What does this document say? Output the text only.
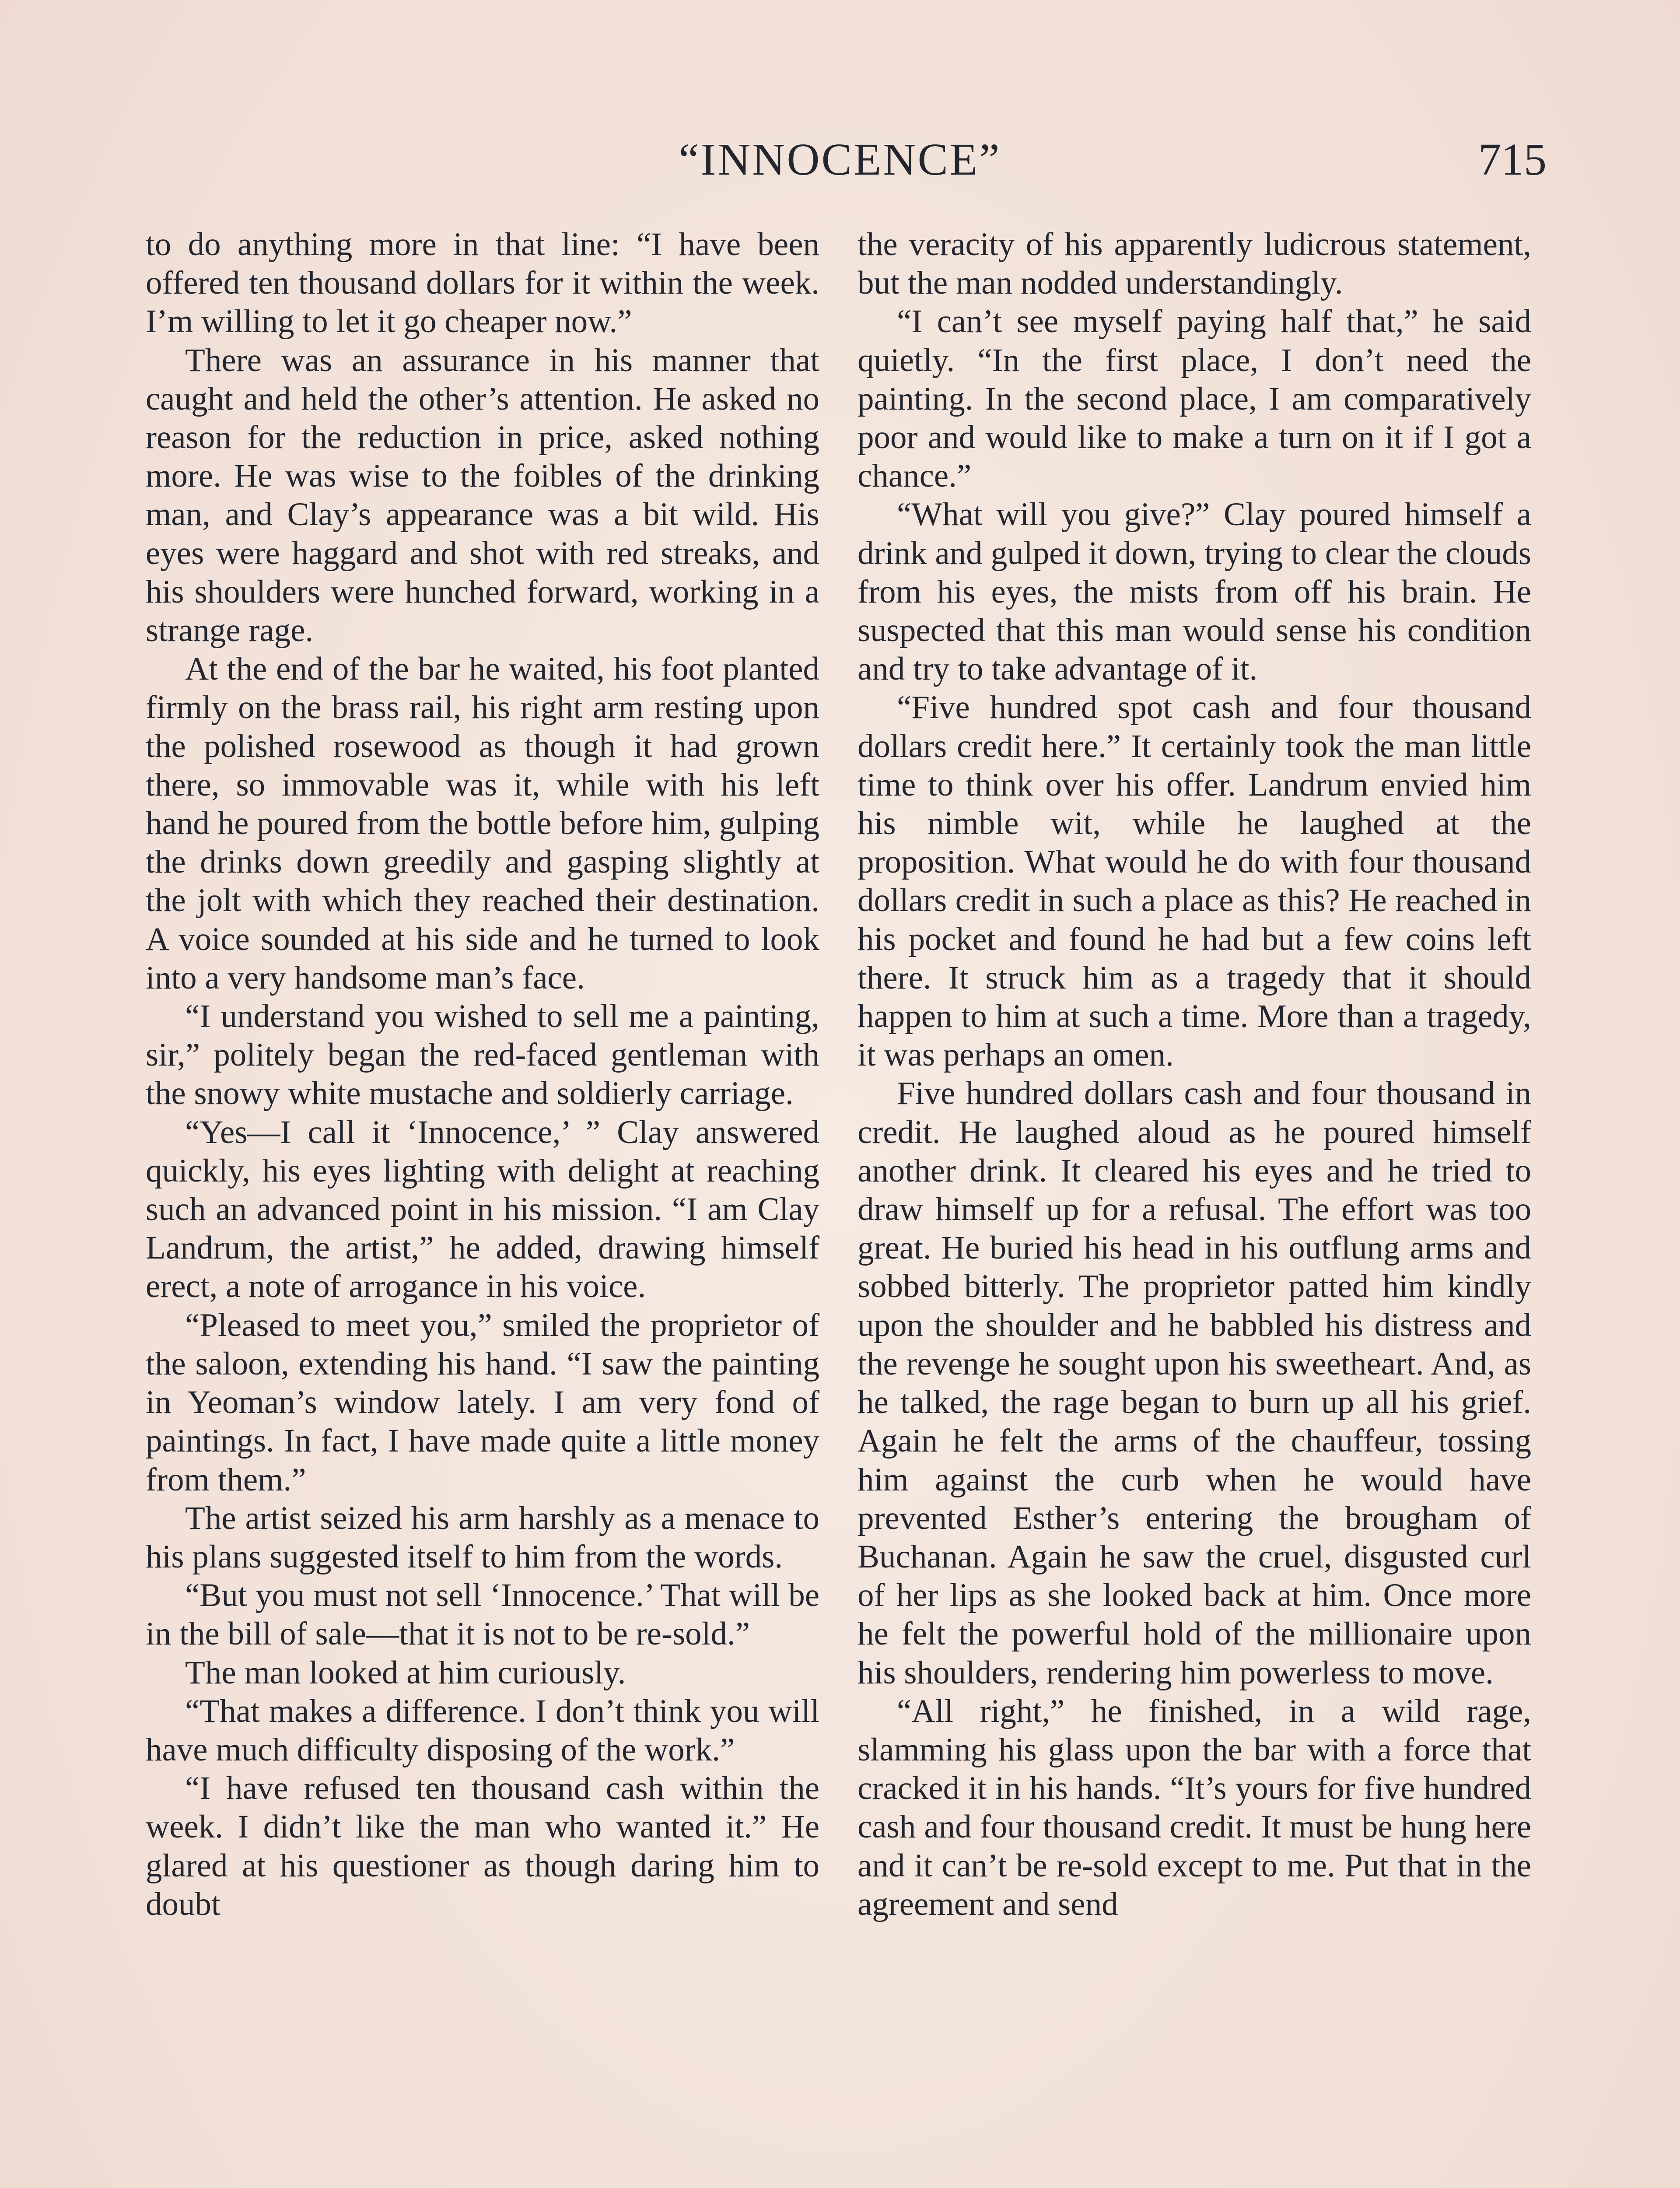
“INNOCENCE”	715

to do anything more in that line: “I have been offered ten thousand dollars for it within the week. I’m willing to let it go cheaper now.”

There was an assurance in his manner that caught and held the other’s attention. He asked no reason for the reduction in price, asked nothing more. He was wise to the foibles of the drinking man, and Clay’s appearance was a bit wild. His eyes were haggard and shot with red streaks, and his shoulders were hunched forward, working in a strange rage.

At the end of the bar he waited, his foot planted firmly on the brass rail, his right arm resting upon the polished rosewood as though it had grown there, so immovable was it, while with his left hand he poured from the bottle before him, gulping the drinks down greedily and gasping slightly at the jolt with which they reached their destination. A voice sounded at his side and he turned to look into a very handsome man’s face.

“I understand you wished to sell me a painting, sir,” politely began the red-faced gentleman with the snowy white mustache and soldierly carriage.

“Yes—I call it ‘Innocence,’ ” Clay answered quickly, his eyes lighting with delight at reaching such an advanced point in his mission. “I am Clay Landrum, the artist,” he added, drawing himself erect, a note of arrogance in his voice.

“Pleased to meet you,” smiled the proprietor of the saloon, extending his hand. “I saw the painting in Yeoman’s window lately. I am very fond of paintings. In fact, I have made quite a little money from them.”

The artist seized his arm harshly as a menace to his plans suggested itself to him from the words.

“But you must not sell ‘Innocence.’ That will be in the bill of sale—that it is not to be re-sold.”

The man looked at him curiously.

“That makes a difference. I don’t think you will have much difficulty disposing of the work.”

“I have refused ten thousand cash within the week. I didn’t like the man who wanted it.” He glared at his questioner as though daring him to doubt

the veracity of his apparently ludicrous statement, but the man nodded understandingly.

“I can’t see myself paying half that,” he said quietly. “In the first place, I don’t need the painting. In the second place, I am comparatively poor and would like to make a turn on it if I got a chance.”

“What will you give?” Clay poured himself a drink and gulped it down, trying to clear the clouds from his eyes, the mists from off his brain. He suspected that this man would sense his condition and try to take advantage of it.

“Five hundred spot cash and four thousand dollars credit here.” It certainly took the man little time to think over his offer. Landrum envied him his nimble wit, while he laughed at the proposition. What would he do with four thousand dollars credit in such a place as this? He reached in his pocket and found he had but a few coins left there. It struck him as a tragedy that it should happen to him at such a time. More than a tragedy, it was perhaps an omen.

Five hundred dollars cash and four thousand in credit. He laughed aloud as he poured himself another drink. It cleared his eyes and he tried to draw himself up for a refusal. The effort was too great. He buried his head in his outflung arms and sobbed bitterly. The proprietor patted him kindly upon the shoulder and he babbled his distress and the revenge he sought upon his sweetheart. And, as he talked, the rage began to burn up all his grief. Again he felt the arms of the chauffeur, tossing him against the curb when he would have prevented Esther’s entering the brougham of Buchanan. Again he saw the cruel, disgusted curl of her lips as she looked back at him. Once more he felt the powerful hold of the millionaire upon his shoulders, rendering him powerless to move.

“All right,” he finished, in a wild rage, slamming his glass upon the bar with a force that cracked it in his hands. “It’s yours for five hundred cash and four thousand credit. It must be hung here and it can’t be re-sold except to me. Put that in the agreement and send
